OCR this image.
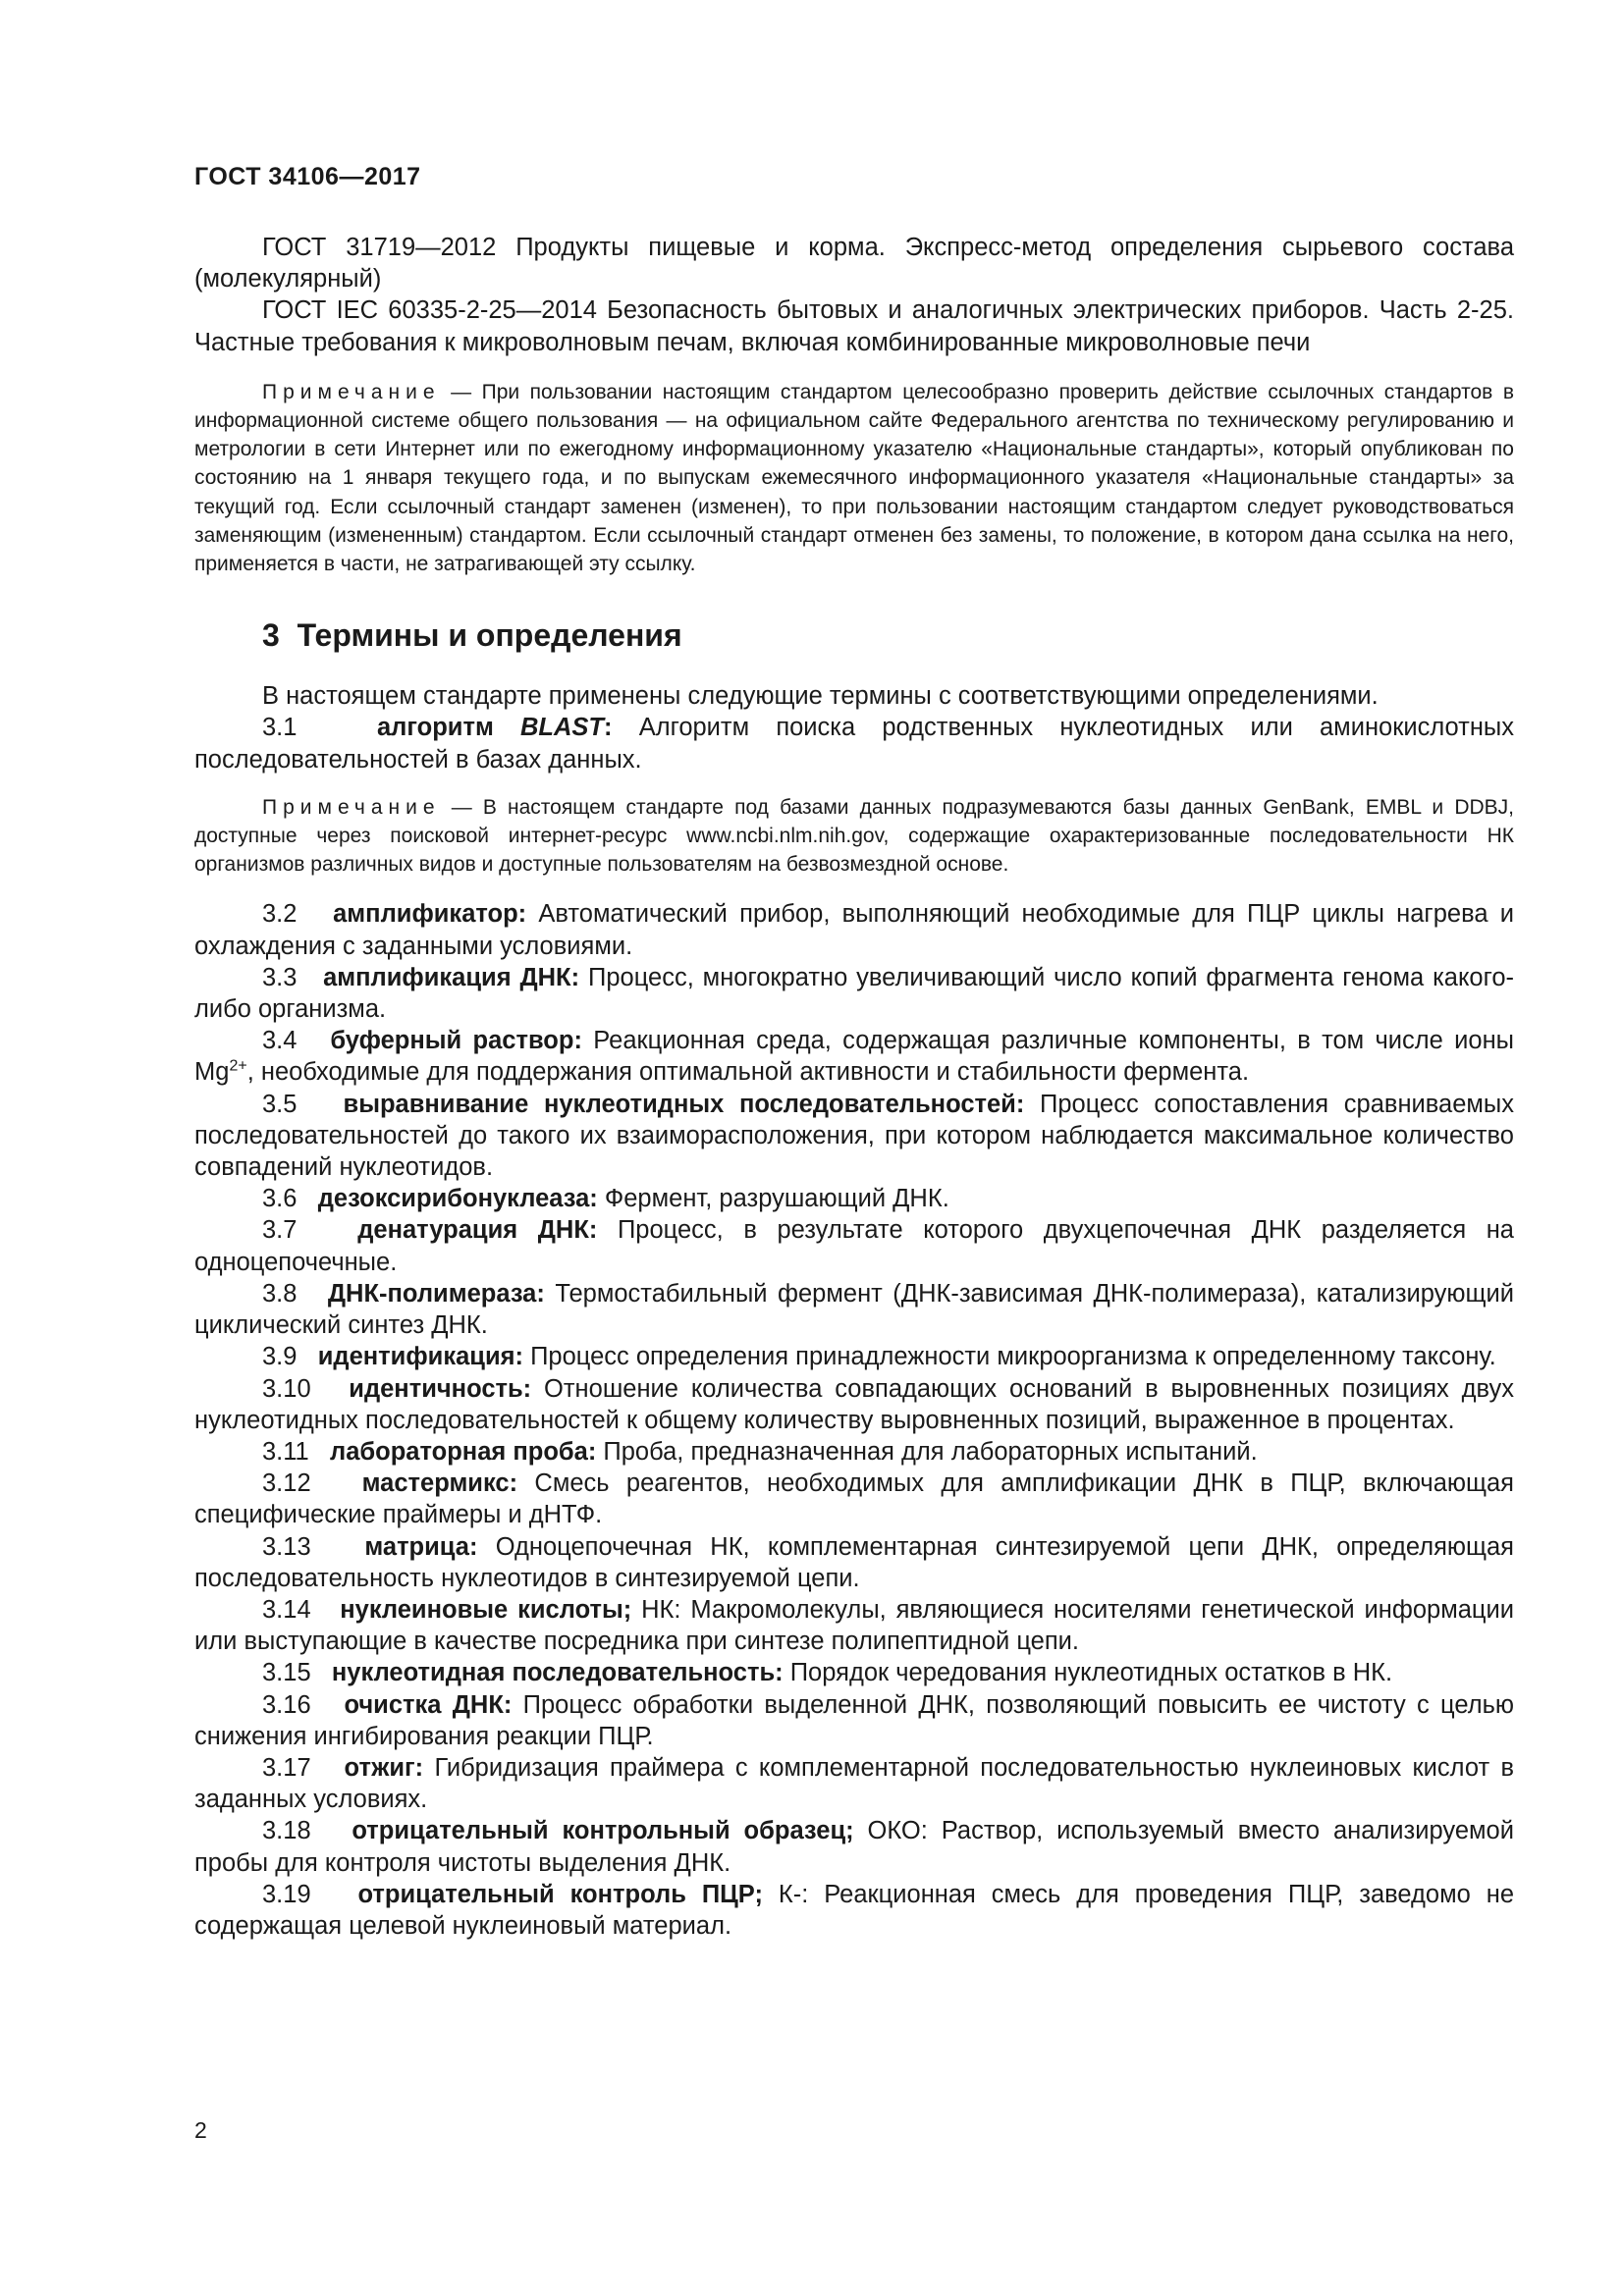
ГОСТ 34106—2017

ГОСТ 31719—2012 Продукты пищевые и корма. Экспресс-метод определения сырьевого состава (молекулярный)

ГОСТ IEC 60335-2-25—2014 Безопасность бытовых и аналогичных электрических приборов. Часть 2-25. Частные требования к микроволновым печам, включая комбинированные микроволновые печи

Примечание — При пользовании настоящим стандартом целесообразно проверить действие ссылочных стандартов в информационной системе общего пользования — на официальном сайте Федерального агентства по техническому регулированию и метрологии в сети Интернет или по ежегодному информационному указателю «Национальные стандарты», который опубликован по состоянию на 1 января текущего года, и по выпускам ежемесячного информационного указателя «Национальные стандарты» за текущий год. Если ссылочный стандарт заменен (изменен), то при пользовании настоящим стандартом следует руководствоваться заменяющим (измененным) стандартом. Если ссылочный стандарт отменен без замены, то положение, в котором дана ссылка на него, применяется в части, не затрагивающей эту ссылку.

3 Термины и определения

В настоящем стандарте применены следующие термины с соответствующими определениями.

3.1	алгоритм BLAST: Алгоритм поиска родственных нуклеотидных или аминокислотных последовательностей в базах данных.

Примечание — В настоящем стандарте под базами данных подразумеваются базы данных GenBank, EMBL и DDBJ, доступные через поисковой интернет-ресурс www.ncbi.nlm.nih.gov, содержащие охарактеризованные последовательности НК организмов различных видов и доступные пользователям на безвозмездной основе.

3.2 амплификатор: Автоматический прибор, выполняющий необходимые для ПЦР циклы нагрева и охлаждения с заданными условиями.

3.3 амплификация ДНК: Процесс, многократно увеличивающий число копий фрагмента генома какого-либо организма.

3.4 буферный раствор: Реакционная среда, содержащая различные компоненты, в том числе ионы $Mg^{2+}$, необходимые для поддержания оптимальной активности и стабильности фермента.

3.5 выравнивание нуклеотидных последовательностей: Процесс сопоставления сравниваемых последовательностей до такого их взаиморасположения, при котором наблюдается максимальное количество совпадений нуклеотидов.

3.6 дезоксирибонуклеаза: Фермент, разрушающий ДНК.

3.7 денатурация ДНК: Процесс, в результате которого двухцепочечная ДНК разделяется на одноцепочечные.

3.8 ДНК-полимераза: Термостабильный фермент (ДНК-зависимая ДНК-полимераза), катализирующий циклический синтез ДНК.

3.9 идентификация: Процесс определения принадлежности микроорганизма к определенному таксону.

3.10 идентичность: Отношение количества совпадающих оснований в выровненных позициях двух нуклеотидных последовательностей к общему количеству выровненных позиций, выраженное в процентах.

3.11 лабораторная проба: Проба, предназначенная для лабораторных испытаний.

3.12 мастермикс: Смесь реагентов, необходимых для амплификации ДНК в ПЦР, включающая специфические праймеры и дНТФ.

3.13 матрица: Одноцепочечная НК, комплементарная синтезируемой цепи ДНК, определяющая последовательность нуклеотидов в синтезируемой цепи.

3.14 нуклеиновые кислоты; НК: Макромолекулы, являющиеся носителями генетической информации или выступающие в качестве посредника при синтезе полипептидной цепи.

3.15 нуклеотидная последовательность: Порядок чередования нуклеотидных остатков в НК.

3.16 очистка ДНК: Процесс обработки выделенной ДНК, позволяющий повысить ее чистоту с целью снижения ингибирования реакции ПЦР.

3.17 отжиг: Гибридизация праймера с комплементарной последовательностью нуклеиновых кислот в заданных условиях.

3.18 отрицательный контрольный образец; ОКО: Раствор, используемый вместо анализируемой пробы для контроля чистоты выделения ДНК.

3.19 отрицательный контроль ПЦР; К-: Реакционная смесь для проведения ПЦР, заведомо не содержащая целевой нуклеиновый материал.

2
